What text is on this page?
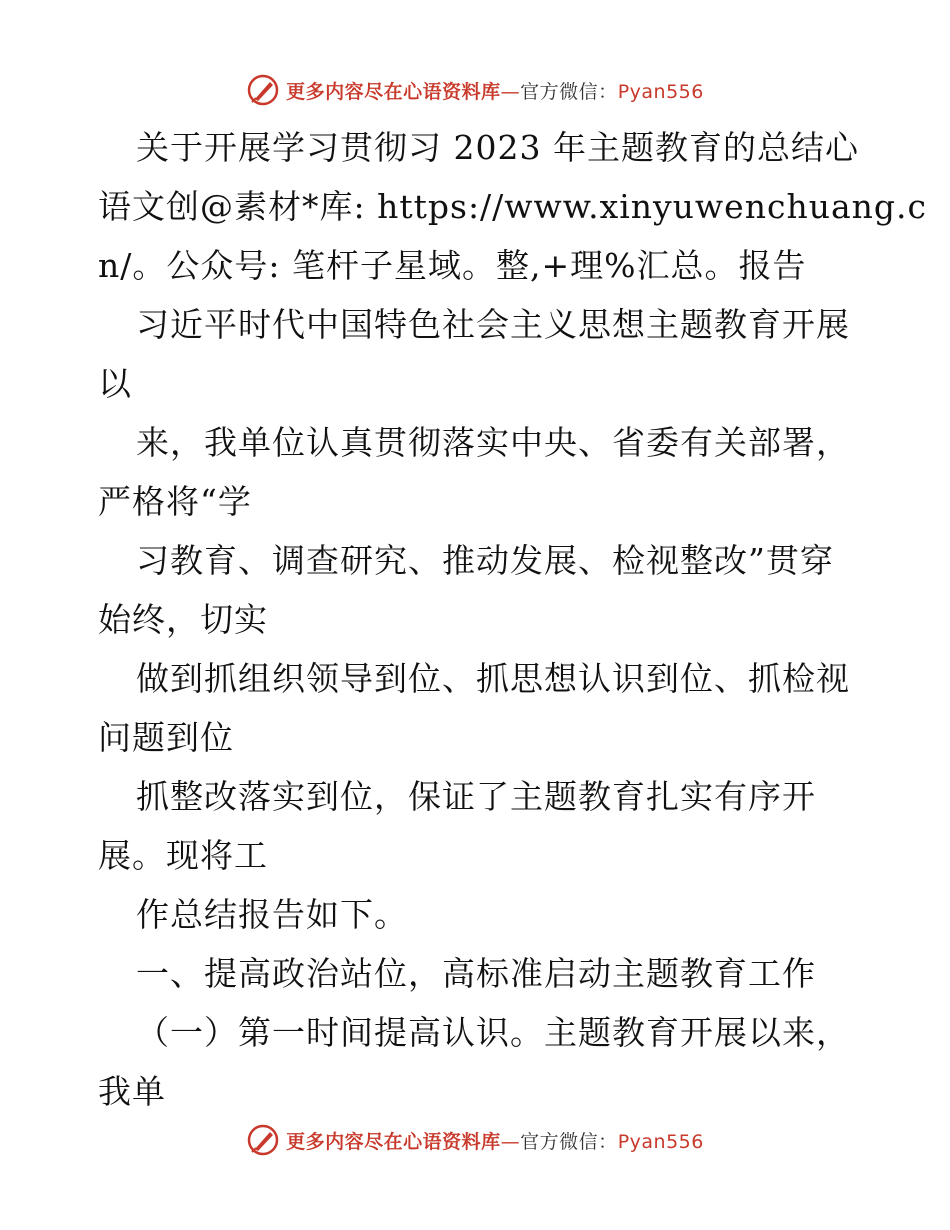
更多内容尽在心语资料库—官方微信：Pyan556
关于开展学习贯彻习 2023 年主题教育的总结心
语文创@素材*库: https://www.xinyuwenchuang.c
n/。公众号: 笔杆子星域。整,+理%汇总。报告
习近平时代中国特色社会主义思想主题教育开展
以
来，我单位认真贯彻落实中央、省委有关部署，
严格将“学
习教育、调查研究、推动发展、检视整改”贯穿
始终，切实
做到抓组织领导到位、抓思想认识到位、抓检视
问题到位
抓整改落实到位，保证了主题教育扎实有序开
展。现将工
作总结报告如下。
一、提高政治站位，高标准启动主题教育工作
（一）第一时间提高认识。主题教育开展以来，
我单
更多内容尽在心语资料库—官方微信：Pyan556
